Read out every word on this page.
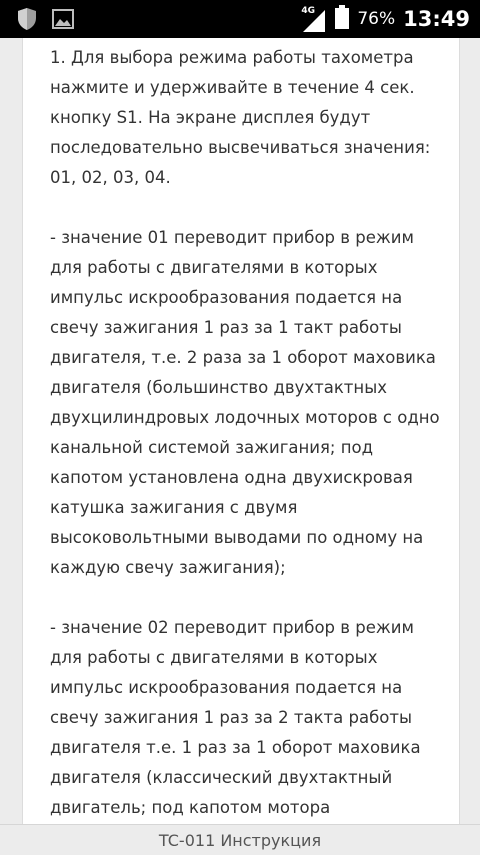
4G 76% 13:49

1. Для выбора режима работы тахометра нажмите и удерживайте в течение 4 сек. кнопку S1. На экране дисплея будут последовательно высвечиваться значения: 01, 02, 03, 04.

- значение 01 переводит прибор в режим для работы с двигателями в которых импульс искрообразования подается на свечу зажигания 1 раз за 1 такт работы двигателя, т.е. 2 раза за 1 оборот маховика двигателя (большинство двухтактных двухцилиндровых лодочных моторов с одно канальной системой зажигания; под капотом установлена одна двухискровая катушка зажигания с двумя высоковольтными выводами по одному на каждую свечу зажигания);

- значение 02 переводит прибор в режим для работы с двигателями в которых импульс искрообразования подается на свечу зажигания 1 раз за 2 такта работы двигателя т.е. 1 раз за 1 оборот маховика двигателя (классический двухтактный двигатель; под капотом мотора

TC-011 Инструкция
